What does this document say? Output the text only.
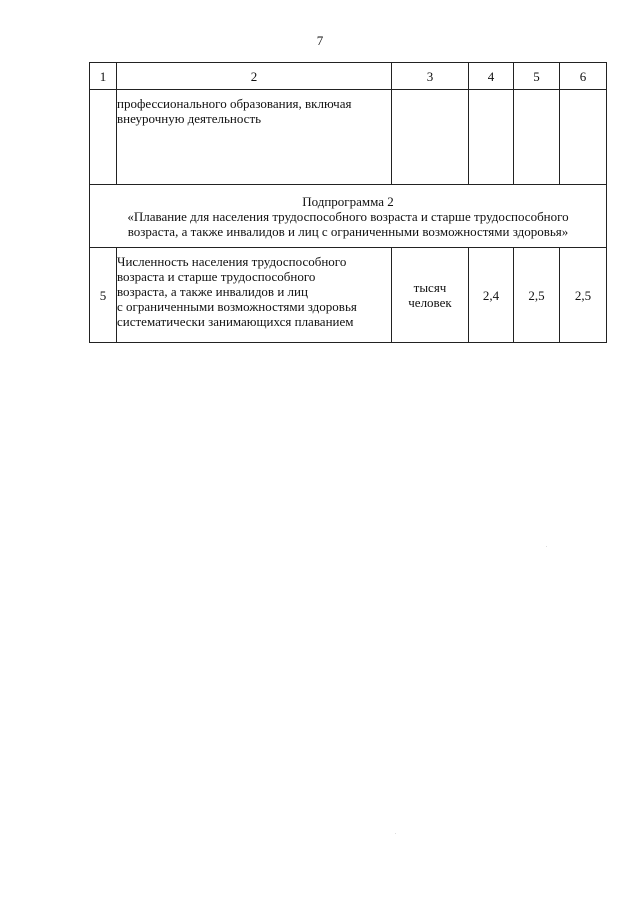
7
1	2	3	4	5	6

	профессионального образования, включая
внеурочную деятельность				

Подпрограмма 2
«Плавание для населения трудоспособного возраста и старше трудоспособного
возраста, а также инвалидов и лиц с ограниченными возможностями здоровья»					

5	Численность населения трудоспособного
возраста и старше трудоспособного
возраста, а также инвалидов и лиц
с ограниченными возможностями здоровья
систематически занимающихся плаванием	тысяч
человек	2,4	2,5	2,5
